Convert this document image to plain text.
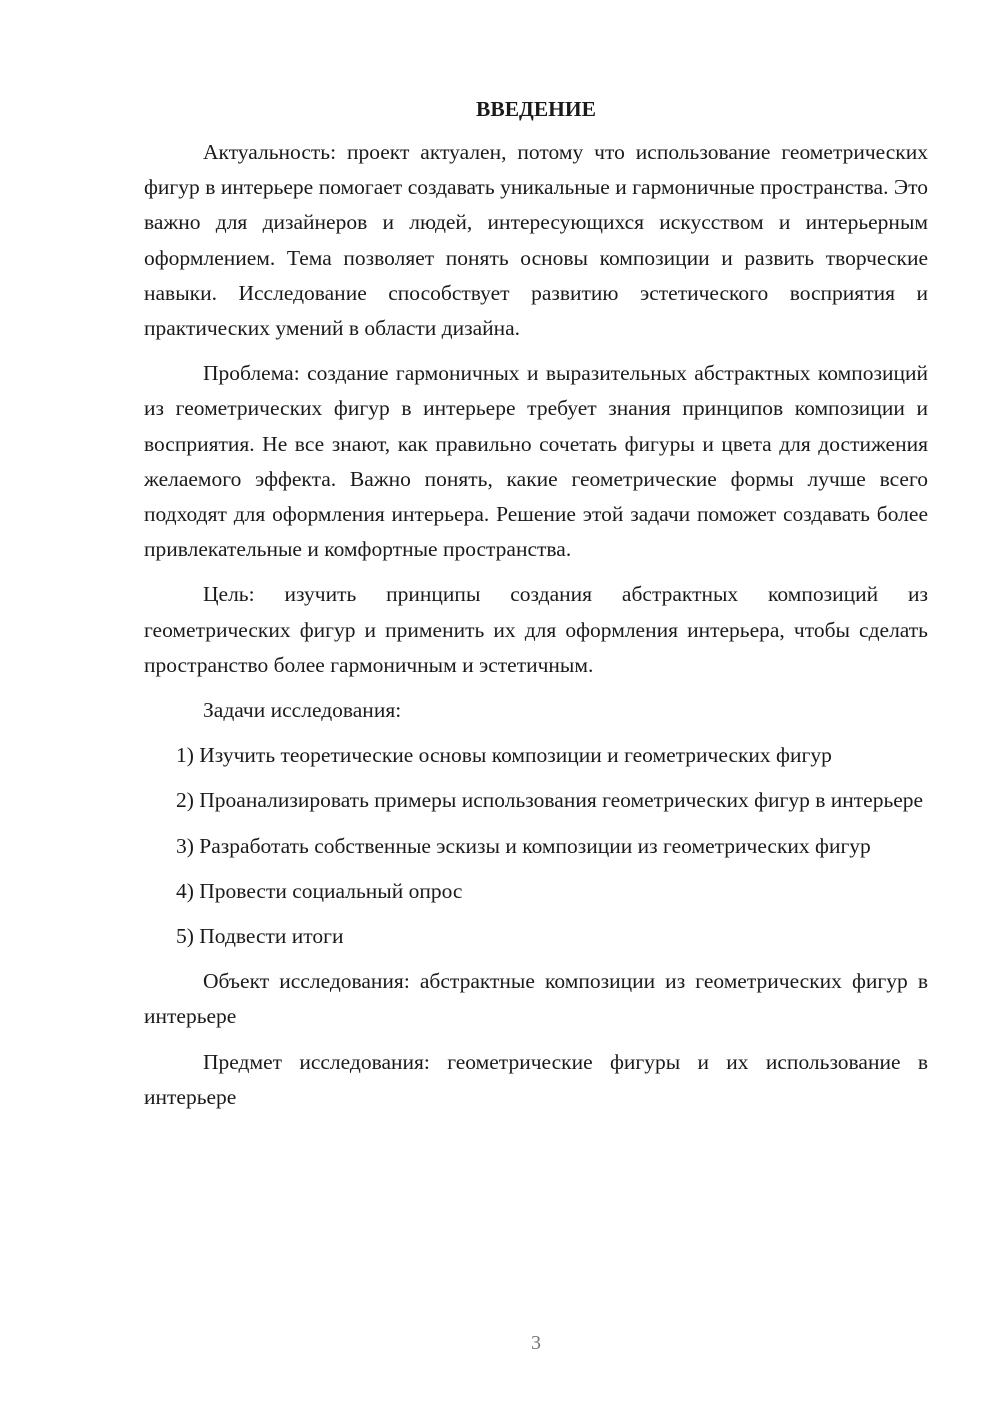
ВВЕДЕНИЕ

Актуальность: проект актуален, потому что использование геометрических фигур в интерьере помогает создавать уникальные и гармоничные пространства. Это важно для дизайнеров и людей, интересующихся искусством и интерьерным оформлением. Тема позволяет понять основы композиции и развить творческие навыки. Исследование способствует развитию эстетического восприятия и практических умений в области дизайна.

Проблема: создание гармоничных и выразительных абстрактных композиций из геометрических фигур в интерьере требует знания принципов композиции и восприятия. Не все знают, как правильно сочетать фигуры и цвета для достижения желаемого эффекта. Важно понять, какие геометрические формы лучше всего подходят для оформления интерьера. Решение этой задачи поможет создавать более привлекательные и комфортные пространства.

Цель: изучить принципы создания абстрактных композиций из геометрических фигур и применить их для оформления интерьера, чтобы сделать пространство более гармоничным и эстетичным.

Задачи исследования:

1) Изучить теоретические основы композиции и геометрических фигур

2) Проанализировать примеры использования геометрических фигур в интерьере

3) Разработать собственные эскизы и композиции из геометрических фигур

4) Провести социальный опрос

5) Подвести итоги

Объект исследования: абстрактные композиции из геометрических фигур в интерьере

Предмет исследования: геометрические фигуры и их использование в интерьере

3
